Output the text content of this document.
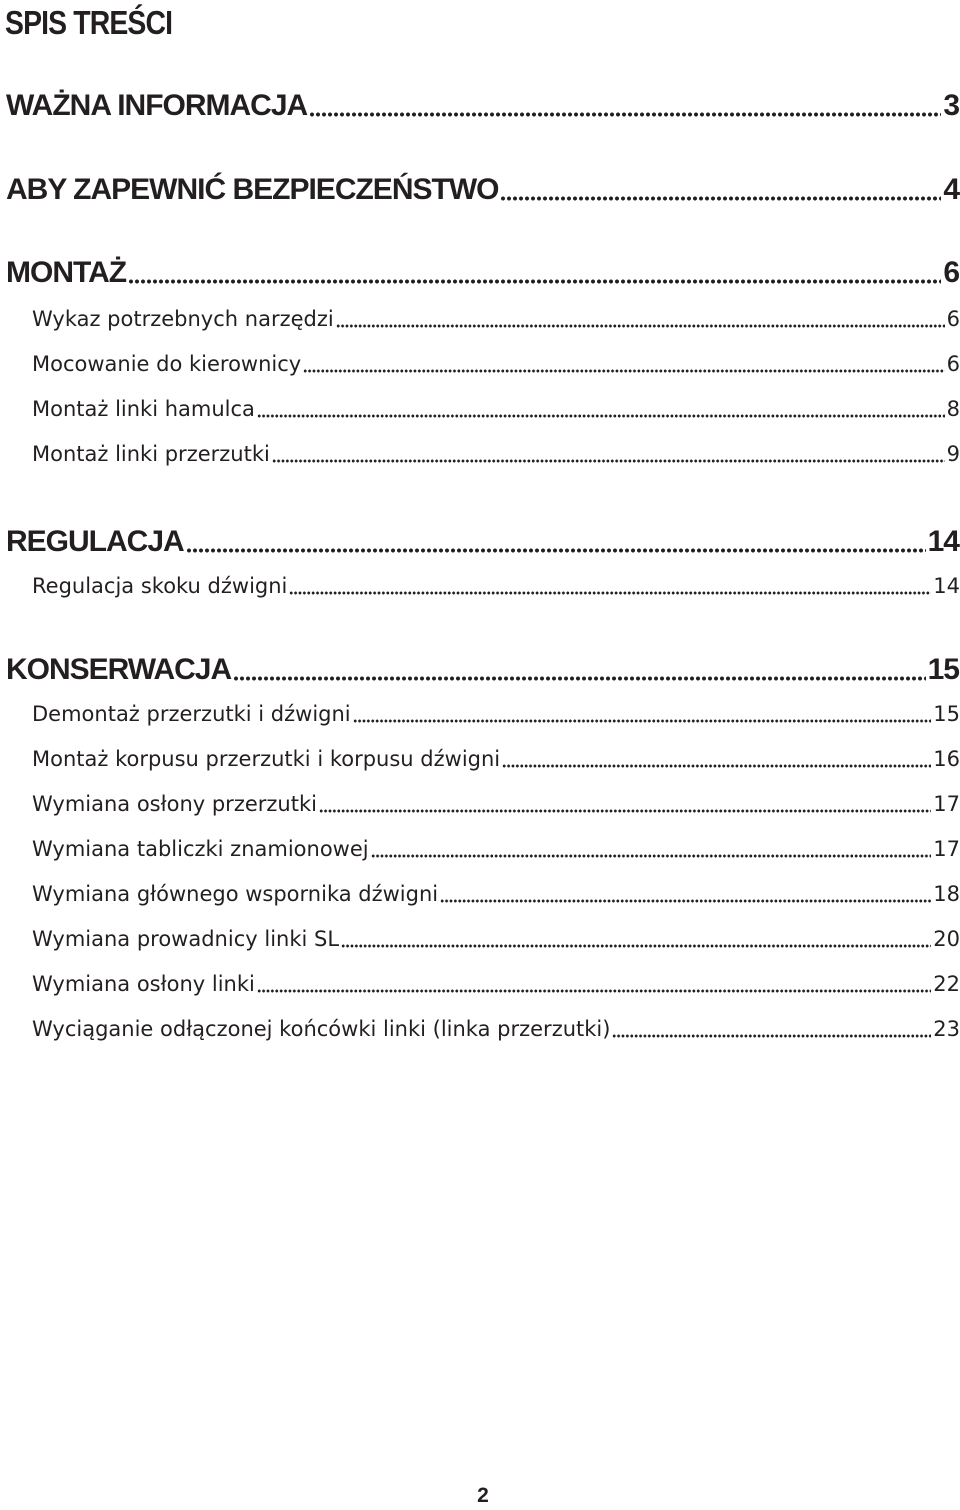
SPIS TREŚCI
WAŻNA INFORMACJA	3
ABY ZAPEWNIĆ BEZPIECZEŃSTWO	4
MONTAŻ	6
Wykaz potrzebnych narzędzi	6
Mocowanie do kierownicy	6
Montaż linki hamulca	8
Montaż linki przerzutki	9
REGULACJA	14
Regulacja skoku dźwigni	14
KONSERWACJA	15
Demontaż przerzutki i dźwigni	15
Montaż korpusu przerzutki i korpusu dźwigni	16
Wymiana osłony przerzutki	17
Wymiana tabliczki znamionowej	17
Wymiana głównego wspornika dźwigni	18
Wymiana prowadnicy linki SL	20
Wymiana osłony linki	22
Wyciąganie odłączonej końcówki linki (linka przerzutki)	23
2
